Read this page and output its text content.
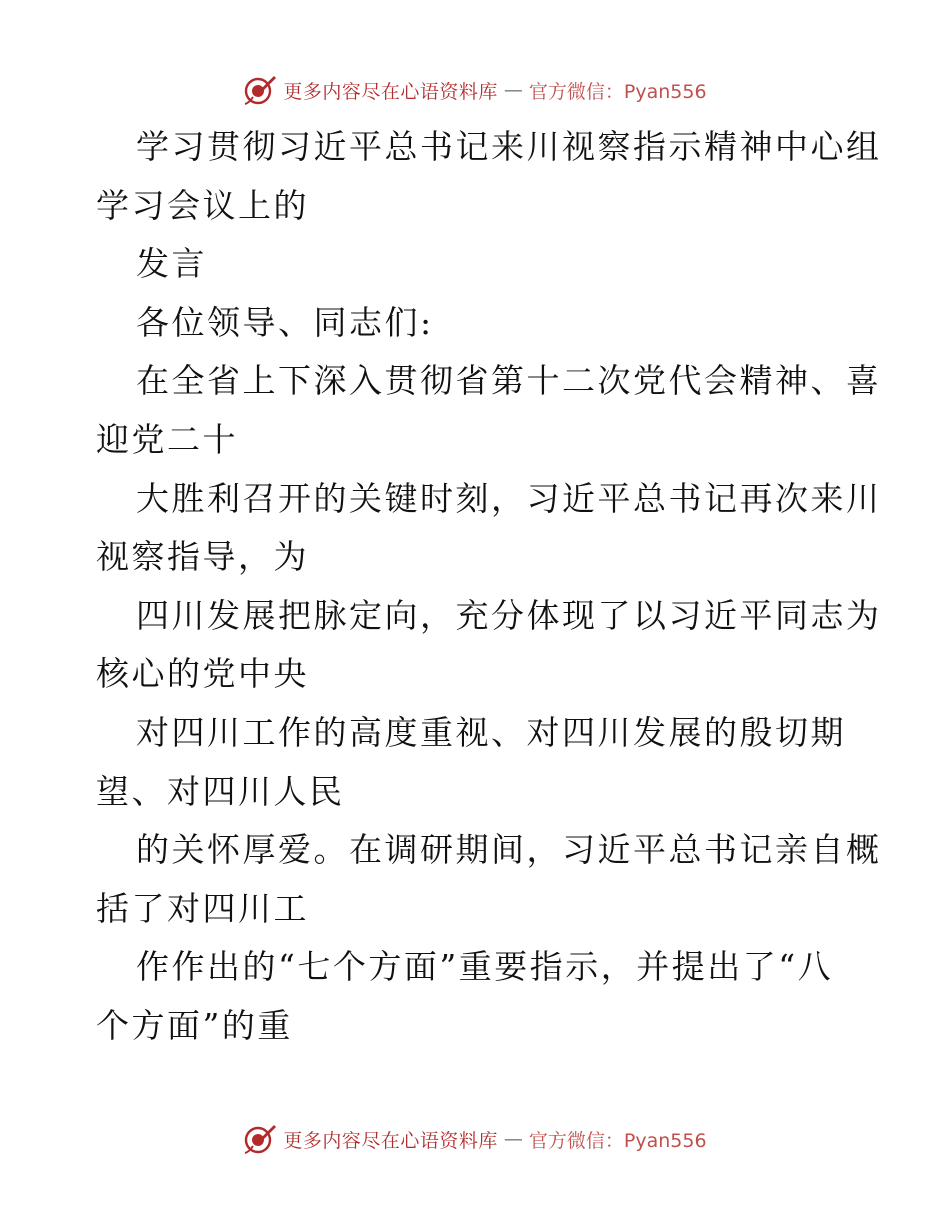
更多内容尽在心语资料库 — 官方微信：Pyan556
学习贯彻习近平总书记来川视察指示精神中心组
学习会议上的
发言
各位领导、同志们:
在全省上下深入贯彻省第十二次党代会精神、喜
迎党二十
大胜利召开的关键时刻，习近平总书记再次来川
视察指导，为
四川发展把脉定向，充分体现了以习近平同志为
核心的党中央
对四川工作的高度重视、对四川发展的殷切期
望、对四川人民
的关怀厚爱。在调研期间，习近平总书记亲自概
括了对四川工
作作出的“七个方面”重要指示，并提出了“八
个方面”的重
更多内容尽在心语资料库 — 官方微信：Pyan556
